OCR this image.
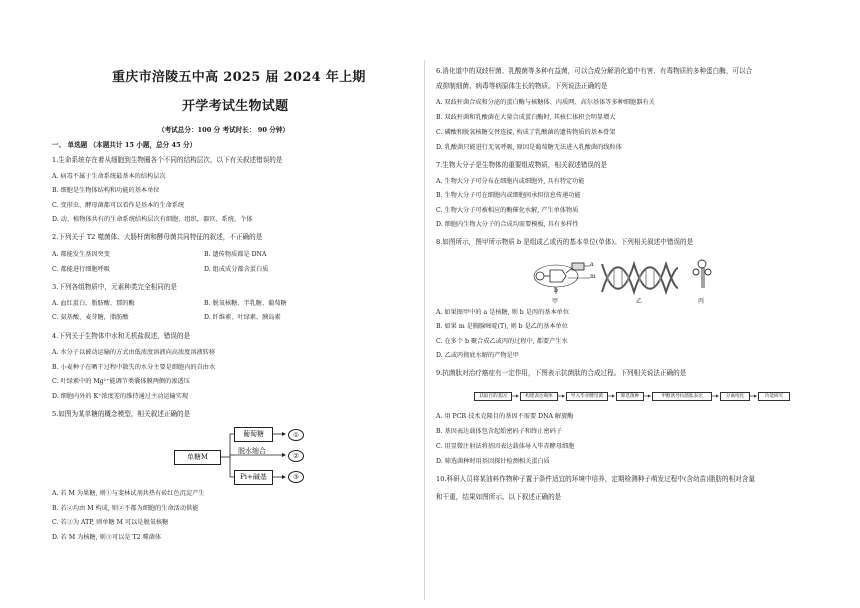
重庆市涪陵五中高 2025 届 2024 年上期
开学考试生物试题
（考试总分：100 分 考试时长： 90 分钟）
一、 单选题 （本题共计 15 小题，总分 45 分）
1.生命系统存在着从细胞到生物圈各个不同的结构层次，以下有关叙述错误的是
A. 病毒不属于生命系统最基本的结构层次
B. 细胞是生物体结构和功能的基本单位
C. 变形虫、酵母菌都可以看作是基本的生命系统
D. 动、植物体共有的生命系统结构层次有细胞，组织，器官、系统、个体
2.下列关于 T2 噬菌体、大肠杆菌和酵母菌共同特征的叙述，不正确的是
A. 都能发生基因突变	B. 遗传物质都是 DNA
C. 都能进行细胞呼吸	D. 组成成分都含蛋白质
3.下列各组物质中，元素种类完全相同的是
A. 血红蛋白、脂肪酸、那的酶	B. 脱氧核糖、半乳糖、葡萄糖
C. 氨基酸、麦芽糖，脂肪酸	D. 纤维素、叶绿素，胰岛素
4.下列关于生物体中水和无机盐叙述，错误的是
A. 水分子以被动运输的方式由低浓度溶液向高浓度溶液转移
B. 小麦种子在晒干过程中散失的水分主要是细胞内的自由水
C. 叶绿素中的 Mg²⁺能调节类囊体膜两侧的渗透压
D. 细胞内外的 K⁺浓度差的维持通过主动运输实现
5.如图为某单糖的概念模型，相关叙述正确的是
单糖M
葡萄糖
脱水缩合
Pi+碱基
①
②
③
A. 若 M 为果糖, 则①与斐林试剂共热有砖红色沉淀产生
B. 若②均由 M 构成, 则②不都为细胞的生命活动供能
C. 若③为 ATP, 则单糖 M 可以是脱氧核糖
D. 若 M 为核糖, 则③可以是 T2 噬菌体
6.消化道中的双歧杆菌、乳酸菌等多种有益菌，可以合成分解消化道中有害、有毒物质的多种蛋白酶，可以合
成抑制细菌、病毒等病原体生长的物质。下列说法正确的是
A. 双歧杆菌合成和分泌的蛋白酶与核糖体、内质网、高尔基体等多种细胞器有关
B. 双歧杆菌和乳酸菌在大量合成蛋白酶时, 其核仁体积会明显增大
C. 磷酸和脱氧核糖交替连接, 构成了乳酸菌的遗传物质的基本骨架
D. 乳酸菌只能进行无氧呼吸, 原因是葡萄糖无法进入乳酸菌的线粒体
7.生物大分子是生物体的重要组成物质，相关叙述错误的是
A. 生物大分子可分布在细胞内或细胞外, 具有特定功能
B. 生物大分子可在细胞内或细胞间承担信息传递功能
C. 生物大分子可被相应的酶催化水解, 产生单体物质
D. 细胞内生物大分子的合成均需要模板, 具有多样性
8.如图所示，图甲所示物质 b 是组成乙或丙的基本单位(单体)。下列相关叙述中错误的是
a
m
b
甲	乙	丙
A. 如果图甲中的 a 是核糖, 则 b 是丙的基本单位
B. 如果 m 是胸腺嘧啶(T), 则 b 是乙的基本单位
C. 在多个 b 聚合成乙或丙的过程中, 都要产生水
D. 乙或丙彻底水解的产物是甲
9.抗菌肽对治疗癌症有一定作用，下图表示抗菌肽的合成过程。下列相关说法正确的是
获取目的基因	构建表达载体	导入毕赤酵母菌	筛选菌种	甲醇诱导抗菌肽表达	分离纯化	功能研究
A. 用 PCR 技术克隆目的基因不需要 DNA 解旋酶
B. 基因表达载体包含起始密码子和终止密码子
C. 用显微注射法将基因表达载体导入毕赤酵母细胞
D. 筛选菌种时用基因探针检测相关蛋白质
10.科研人员将某油料作物种子置于条件适宜的环境中培养，定期检测种子萌发过程中(含幼苗)脂肪的相对含量
和干重，结果如图所示。以下叙述正确的是
